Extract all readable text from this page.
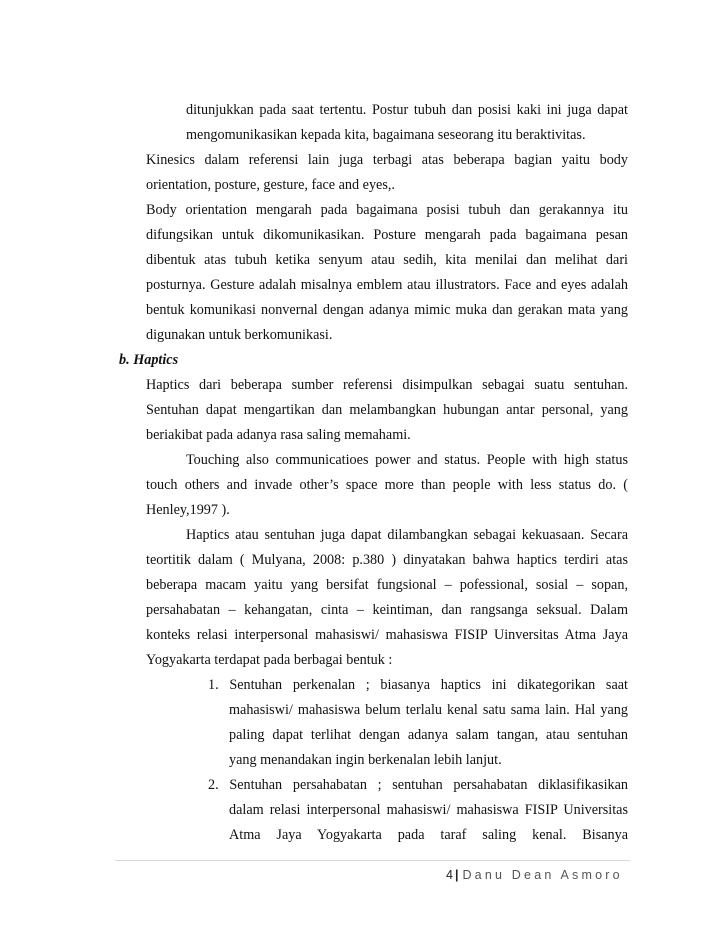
ditunjukkan pada saat tertentu. Postur tubuh dan posisi kaki ini juga dapat
mengomunikasikan kepada kita, bagaimana seseorang itu beraktivitas.
Kinesics dalam referensi lain juga terbagi atas beberapa bagian yaitu body
orientation, posture, gesture, face and eyes,.
Body orientation mengarah pada bagaimana posisi tubuh dan gerakannya itu
difungsikan untuk dikomunikasikan. Posture mengarah pada bagaimana pesan
dibentuk atas tubuh ketika senyum atau sedih, kita menilai dan melihat dari
posturnya. Gesture adalah misalnya emblem atau illustrators. Face and eyes adalah
bentuk komunikasi nonvernal dengan adanya mimic muka dan gerakan mata yang
digunakan untuk berkomunikasi.
b. Haptics
Haptics dari beberapa sumber referensi disimpulkan sebagai suatu sentuhan.
Sentuhan dapat mengartikan dan melambangkan hubungan antar personal, yang
beriakibat pada adanya rasa saling memahami.
Touching also communicatioes power and status. People with high status
touch others and invade other’s space more than people with less status do. (
Henley,1997 ).
Haptics atau sentuhan juga dapat dilambangkan sebagai kekuasaan. Secara
teortitik dalam ( Mulyana, 2008: p.380 ) dinyatakan bahwa haptics terdiri atas
beberapa macam yaitu yang bersifat fungsional – pofessional, sosial – sopan,
persahabatan – kehangatan, cinta – keintiman, dan rangsanga seksual. Dalam
konteks relasi interpersonal mahasiswi/ mahasiswa FISIP Uinversitas Atma Jaya
Yogyakarta terdapat pada berbagai bentuk :
1. Sentuhan perkenalan ; biasanya haptics ini dikategorikan saat
mahasiswi/ mahasiswa belum terlalu kenal satu sama lain. Hal yang
paling dapat terlihat dengan adanya salam tangan, atau sentuhan
yang menandakan ingin berkenalan lebih lanjut.
2. Sentuhan persahabatan ; sentuhan persahabatan diklasifikasikan
dalam relasi interpersonal mahasiswi/ mahasiswa FISIP Universitas
Atma Jaya Yogyakarta pada taraf saling kenal. Bisanya
4 | Danu Dean Asmoro
